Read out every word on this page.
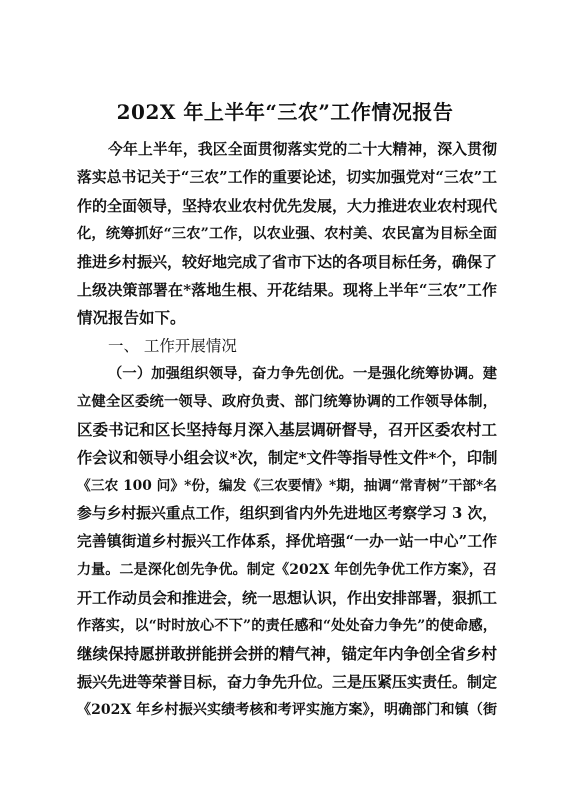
202X 年上半年“三农”工作情况报告
今年上半年，我区全面贯彻落实党的二十大精神，深入贯彻
落实总书记关于“三农”工作的重要论述，切实加强党对“三农”工
作的全面领导，坚持农业农村优先发展，大力推进农业农村现代
化，统筹抓好“三农”工作，以农业强、农村美、农民富为目标全面
推进乡村振兴，较好地完成了省市下达的各项目标任务，确保了
上级决策部署在*落地生根、开花结果。现将上半年“三农”工作
情况报告如下。
一、 工作开展情况
（一）加强组织领导，奋力争先创优。一是强化统筹协调。建
立健全区委统一领导、政府负责、部门统筹协调的工作领导体制，
区委书记和区长坚持每月深入基层调研督导，召开区委农村工
作会议和领导小组会议*次，制定*文件等指导性文件*个，印制
《三农 100 问》*份，编发《三农要情》*期，抽调“常青树”干部*名
参与乡村振兴重点工作，组织到省内外先进地区考察学习 3 次，
完善镇街道乡村振兴工作体系，择优培强“一办一站一中心”工作
力量。二是深化创先争优。制定《202X 年创先争优工作方案》，召
开工作动员会和推进会，统一思想认识，作出安排部署，狠抓工
作落实，以“时时放心不下”的责任感和“处处奋力争先”的使命感，
继续保持愿拼敢拼能拼会拼的精气神，锚定年内争创全省乡村
振兴先进等荣誉目标，奋力争先升位。三是压紧压实责任。制定
《202X 年乡村振兴实绩考核和考评实施方案》，明确部门和镇（街
